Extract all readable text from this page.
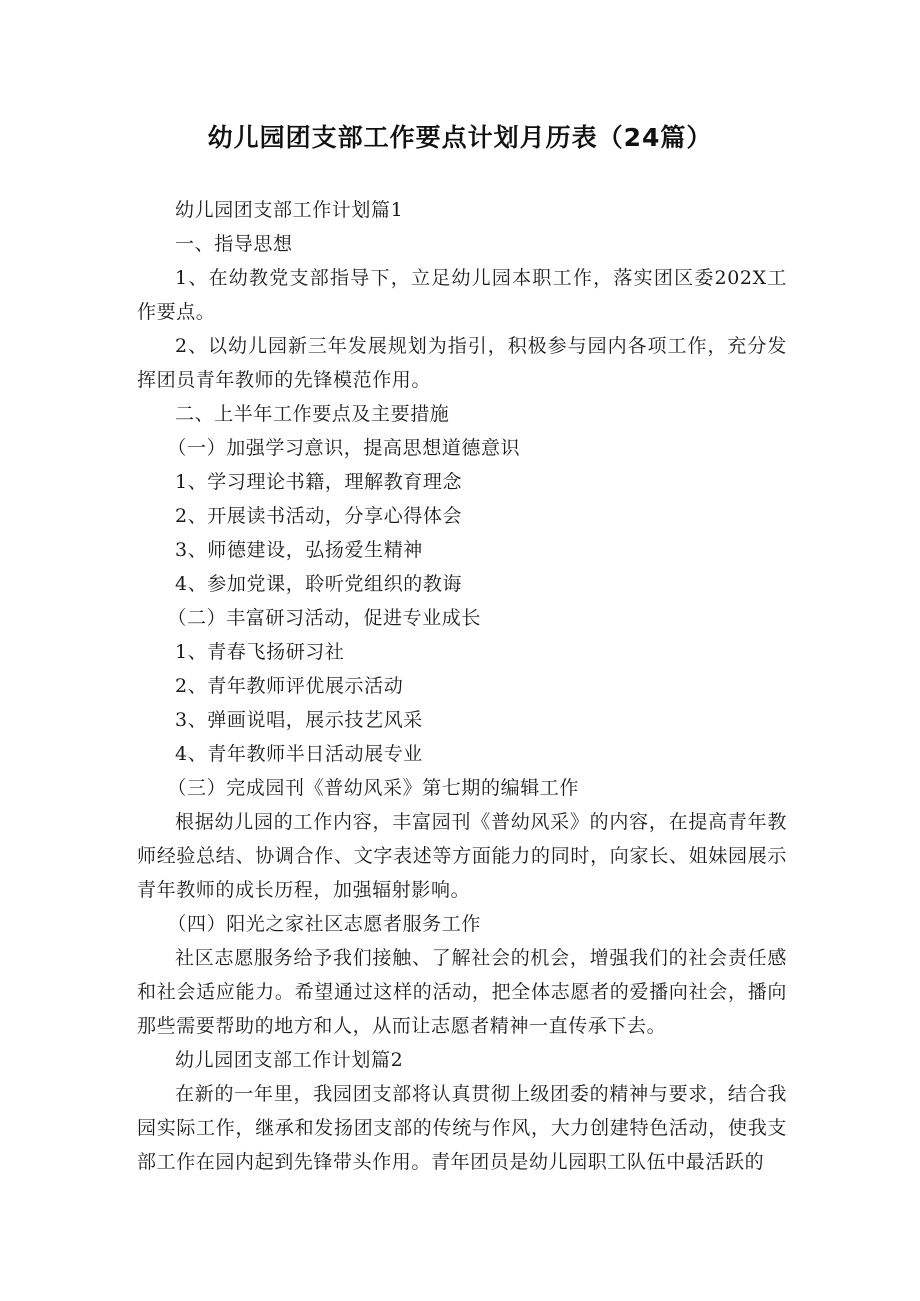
幼儿园团支部工作要点计划月历表（24篇）

幼儿园团支部工作计划篇1

一、指导思想

1、在幼教党支部指导下，立足幼儿园本职工作，落实团区委202X工作要点。

2、以幼儿园新三年发展规划为指引，积极参与园内各项工作，充分发挥团员青年教师的先锋模范作用。

二、上半年工作要点及主要措施

（一）加强学习意识，提高思想道德意识

1、学习理论书籍，理解教育理念

2、开展读书活动，分享心得体会

3、师德建设，弘扬爱生精神

4、参加党课，聆听党组织的教诲

（二）丰富研习活动，促进专业成长

1、青春飞扬研习社

2、青年教师评优展示活动

3、弹画说唱，展示技艺风采

4、青年教师半日活动展专业

（三）完成园刊《普幼风采》第七期的编辑工作

根据幼儿园的工作内容，丰富园刊《普幼风采》的内容，在提高青年教师经验总结、协调合作、文字表述等方面能力的同时，向家长、姐妹园展示青年教师的成长历程，加强辐射影响。

（四）阳光之家社区志愿者服务工作

社区志愿服务给予我们接触、了解社会的机会，增强我们的社会责任感和社会适应能力。希望通过这样的活动，把全体志愿者的爱播向社会，播向那些需要帮助的地方和人，从而让志愿者精神一直传承下去。

幼儿园团支部工作计划篇2

在新的一年里，我园团支部将认真贯彻上级团委的精神与要求，结合我园实际工作，继承和发扬团支部的传统与作风，大力创建特色活动，使我支部工作在园内起到先锋带头作用。青年团员是幼儿园职工队伍中最活跃的
